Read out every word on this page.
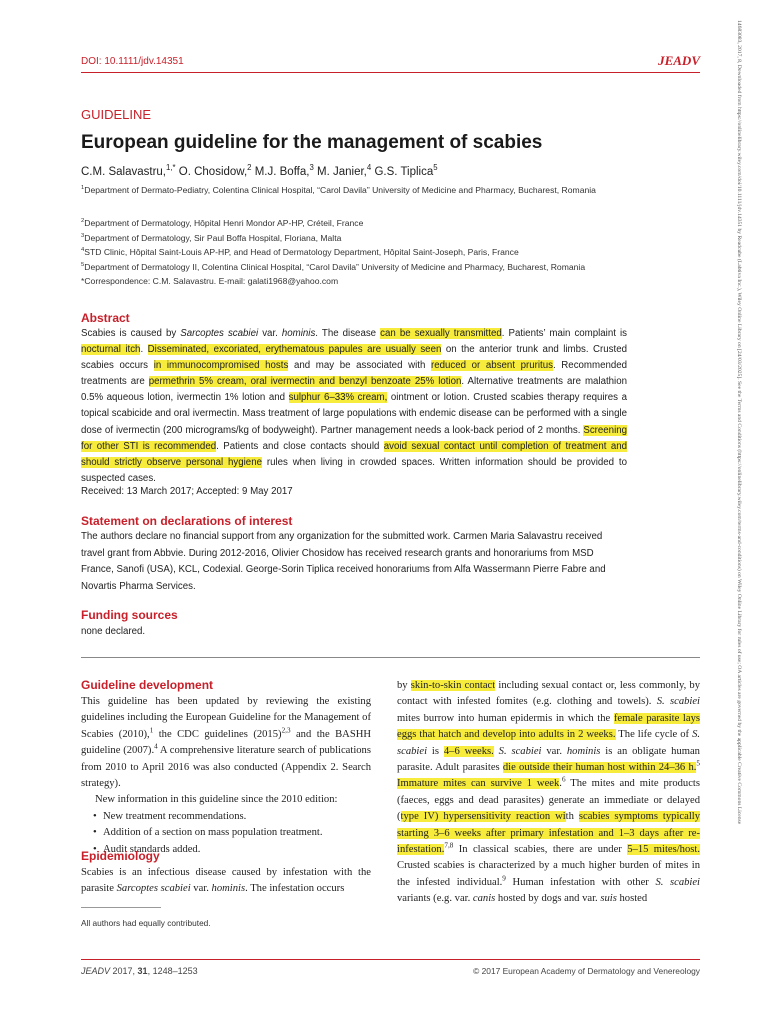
DOI: 10.1111/jdv.14351	JEADV
GUIDELINE
European guideline for the management of scabies
C.M. Salavastru,$^{1,*}$ O. Chosidow,$^2$ M.J. Boffa,$^3$ M. Janier,$^4$ G.S. Tiplica$^5$
$^1$Department of Dermato-Pediatry, Colentina Clinical Hospital, “Carol Davila” University of Medicine and Pharmacy, Bucharest, Romania
$^2$Department of Dermatology, Hôpital Henri Mondor AP-HP, Créteil, France
$^3$Department of Dermatology, Sir Paul Boffa Hospital, Floriana, Malta
$^4$STD Clinic, Hôpital Saint-Louis AP-HP, and Head of Dermatology Department, Hôpital Saint-Joseph, Paris, France
$^5$Department of Dermatology II, Colentina Clinical Hospital, “Carol Davila” University of Medicine and Pharmacy, Bucharest, Romania
*Correspondence: C.M. Salavastru. E-mail: galati1968@yahoo.com
Abstract
Scabies is caused by Sarcoptes scabiei var. hominis. The disease can be sexually transmitted. Patients’ main complaint is nocturnal itch. Disseminated, excoriated, erythematous papules are usually seen on the anterior trunk and limbs. Crusted scabies occurs in immunocompromised hosts and may be associated with reduced or absent pruritus. Recommended treatments are permethrin 5% cream, oral ivermectin and benzyl benzoate 25% lotion. Alternative treatments are malathion 0.5% aqueous lotion, ivermectin 1% lotion and sulphur 6–33% cream, ointment or lotion. Crusted scabies therapy requires a topical scabicide and oral ivermectin. Mass treatment of large populations with endemic disease can be performed with a single dose of ivermectin (200 micrograms/kg of bodyweight). Partner management needs a look-back period of 2 months. Screening for other STI is recommended. Patients and close contacts should avoid sexual contact until completion of treatment and should strictly observe personal hygiene rules when living in crowded spaces. Written information should be provided to suspected cases.
Received: 13 March 2017; Accepted: 9 May 2017
Statement on declarations of interest
The authors declare no financial support from any organization for the submitted work. Carmen Maria Salavastru received travel grant from Abbvie. During 2012-2016, Olivier Chosidow has received research grants and honorariums from MSD France, Sanofi (USA), KCL, Codexial. George-Sorin Tiplica received honorariums from Alfa Wassermann Pierre Fabre and Novartis Pharma Services.
Funding sources
none declared.
Guideline development
This guideline has been updated by reviewing the existing guidelines including the European Guideline for the Management of Scabies (2010),$^1$ the CDC guidelines $(2015)^{2,3}$ and the BASHH guideline (2007).$^4$ A comprehensive literature search of publications from 2010 to April 2016 was also conducted (Appendix 2. Search strategy).
New information in this guideline since the 2010 edition:
• New treatment recommendations.
• Addition of a section on mass population treatment.
• Audit standards added.
Epidemiology
Scabies is an infectious disease caused by infestation with the parasite Sarcoptes scabiei var. hominis. The infestation occurs
by skin-to-skin contact including sexual contact or, less commonly, by contact with infested fomites (e.g. clothing and towels). S. scabiei mites burrow into human epidermis in which the female parasite lays eggs that hatch and develop into adults in 2 weeks. The life cycle of S. scabiei is 4–6 weeks. S. scabiei var. hominis is an obligate human parasite. Adult parasites die outside their human host within 24–36 h.$^5$ Immature mites can survive 1 week.$^6$ The mites and mite products (faeces, eggs and dead parasites) generate an immediate or delayed (type IV) hypersensitivity reaction with scabies symptoms typically starting 3–6 weeks after primary infestation and 1–3 days after re-infestation.$^{7,8}$ In classical scabies, there are under 5–15 mites/host. Crusted scabies is characterized by a much higher burden of mites in the infested individual.$^9$ Human infestation with other S. scabiei variants (e.g. var. canis hosted by dogs and var. suis hosted
All authors had equally contributed.
JEADV 2017, 31, 1248–1253	© 2017 European Academy of Dermatology and Venereology
14683083, 2017, 8, Downloaded from https://onlinelibrary.wiley.com/doi/10.1111/jdv.14351 by Readcube (Labtiva Inc.), Wiley Online Library on [24/03/2025]. See the Terms and Conditions (https://onlinelibrary.wiley.com/terms-and-conditions) on Wiley Online Library for rules of use; OA articles are governed by the applicable Creative Commons License
